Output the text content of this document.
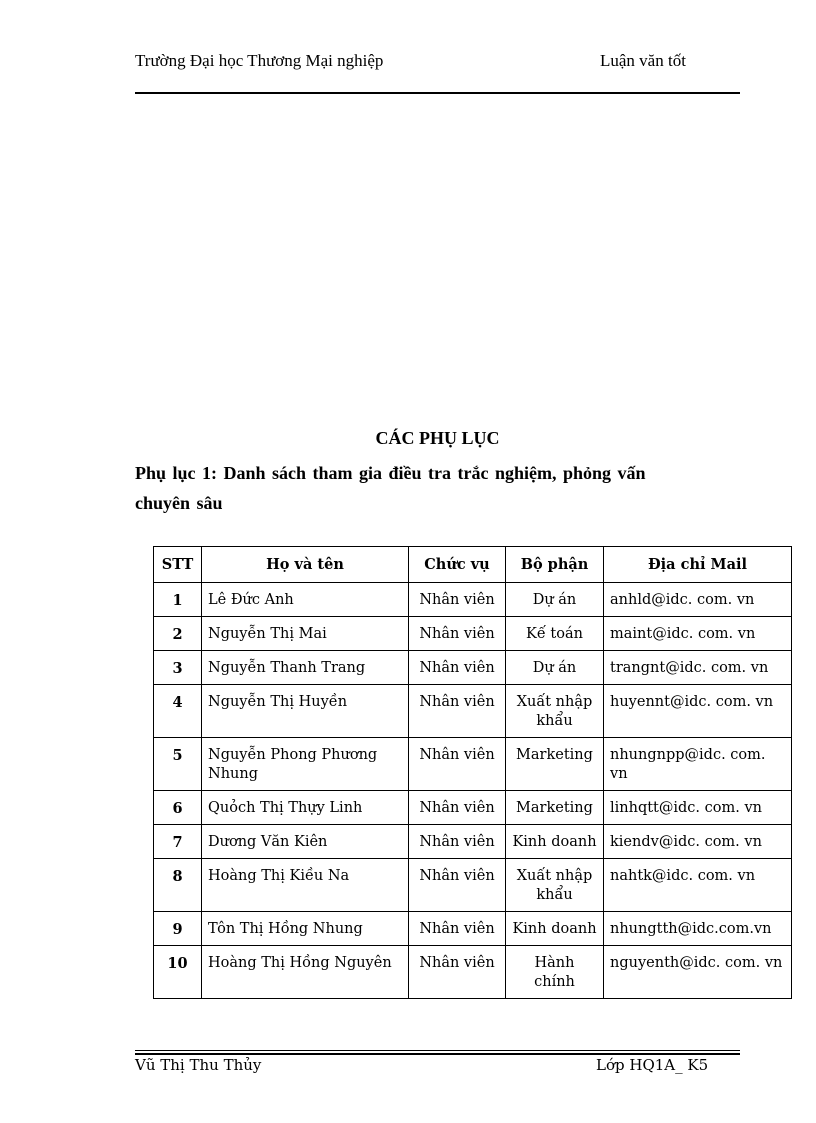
Trường Đại học Thương Mại nghiệp	Luận văn tốt
CÁC PHỤ LỤC
Phụ lục 1: Danh sách tham gia điều tra trắc nghiệm, phỏng vấn chuyên sâu
STT	Họ và tên	Chức vụ	Bộ phận	Địa chỉ Mail
1	Lê Đức Anh	Nhân viên	Dự án	anhld@idc. com. vn
2	Nguyễn Thị Mai	Nhân viên	Kế toán	maint@idc. com. vn
3	Nguyễn Thanh Trang	Nhân viên	Dự án	trangnt@idc. com. vn
4	Nguyễn Thị Huyền	Nhân viên	Xuất nhập khẩu	huyennt@idc. com. vn
5	Nguyễn Phong Phương Nhung	Nhân viên	Marketing	nhungnpp@idc. com. vn
6	Quỏch Thị Thựy Linh	Nhân viên	Marketing	linhqtt@idc. com. vn
7	Dương Văn Kiên	Nhân viên	Kinh doanh	kiendv@idc. com. vn
8	Hoàng Thị Kiều Na	Nhân viên	Xuất nhập khẩu	nahtk@idc. com. vn
9	Tôn Thị Hồng Nhung	Nhân viên	Kinh doanh	nhungtth@idc.com.vn
10	Hoàng Thị Hồng Nguyên	Nhân viên	Hành chính	nguyenth@idc. com. vn
Vũ Thị Thu Thủy	Lớp HQ1A_ K5
